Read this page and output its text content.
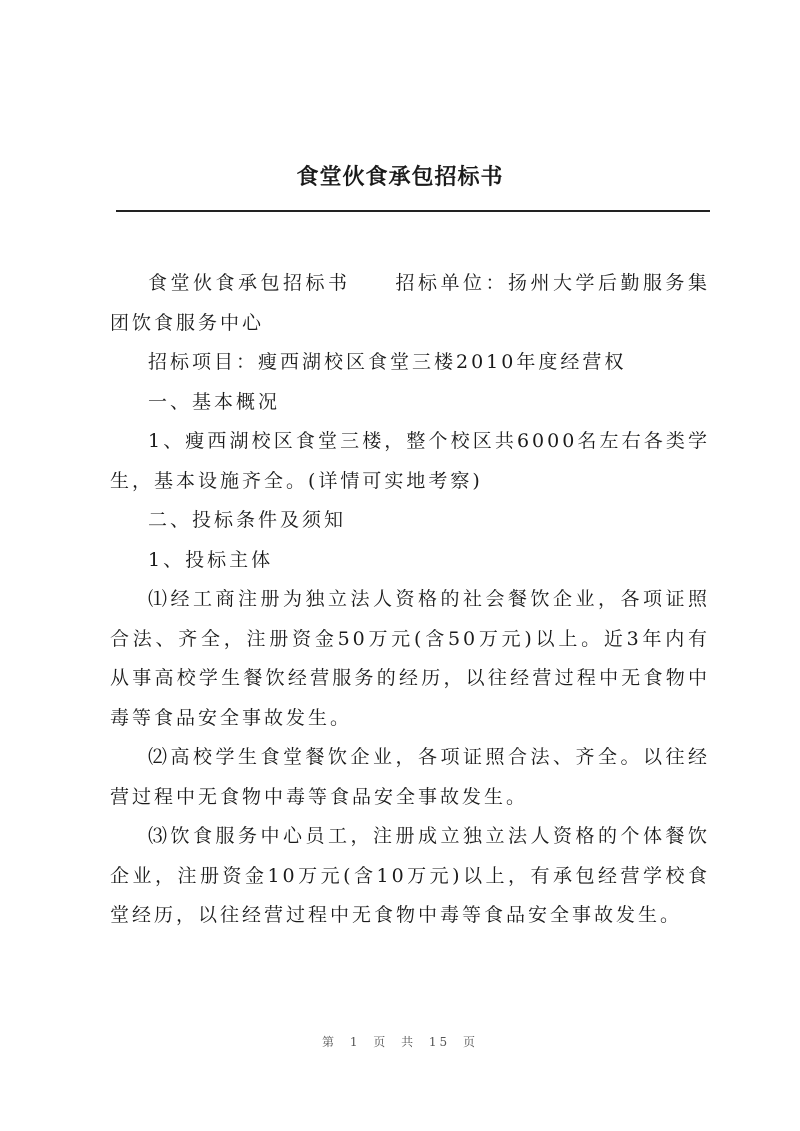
食堂伙食承包招标书

食堂伙食承包招标书　　招标单位：扬州大学后勤服务集团饮食服务中心

招标项目：瘦西湖校区食堂三楼2010年度经营权

一、基本概况

1、瘦西湖校区食堂三楼，整个校区共6000名左右各类学生，基本设施齐全。(详情可实地考察)

二、投标条件及须知

1、投标主体

⑴经工商注册为独立法人资格的社会餐饮企业，各项证照合法、齐全，注册资金50万元(含50万元)以上。近3年内有从事高校学生餐饮经营服务的经历，以往经营过程中无食物中毒等食品安全事故发生。

⑵高校学生食堂餐饮企业，各项证照合法、齐全。以往经营过程中无食物中毒等食品安全事故发生。

⑶饮食服务中心员工，注册成立独立法人资格的个体餐饮企业，注册资金10万元(含10万元)以上，有承包经营学校食堂经历，以往经营过程中无食物中毒等食品安全事故发生。

第 1 页 共 15 页
